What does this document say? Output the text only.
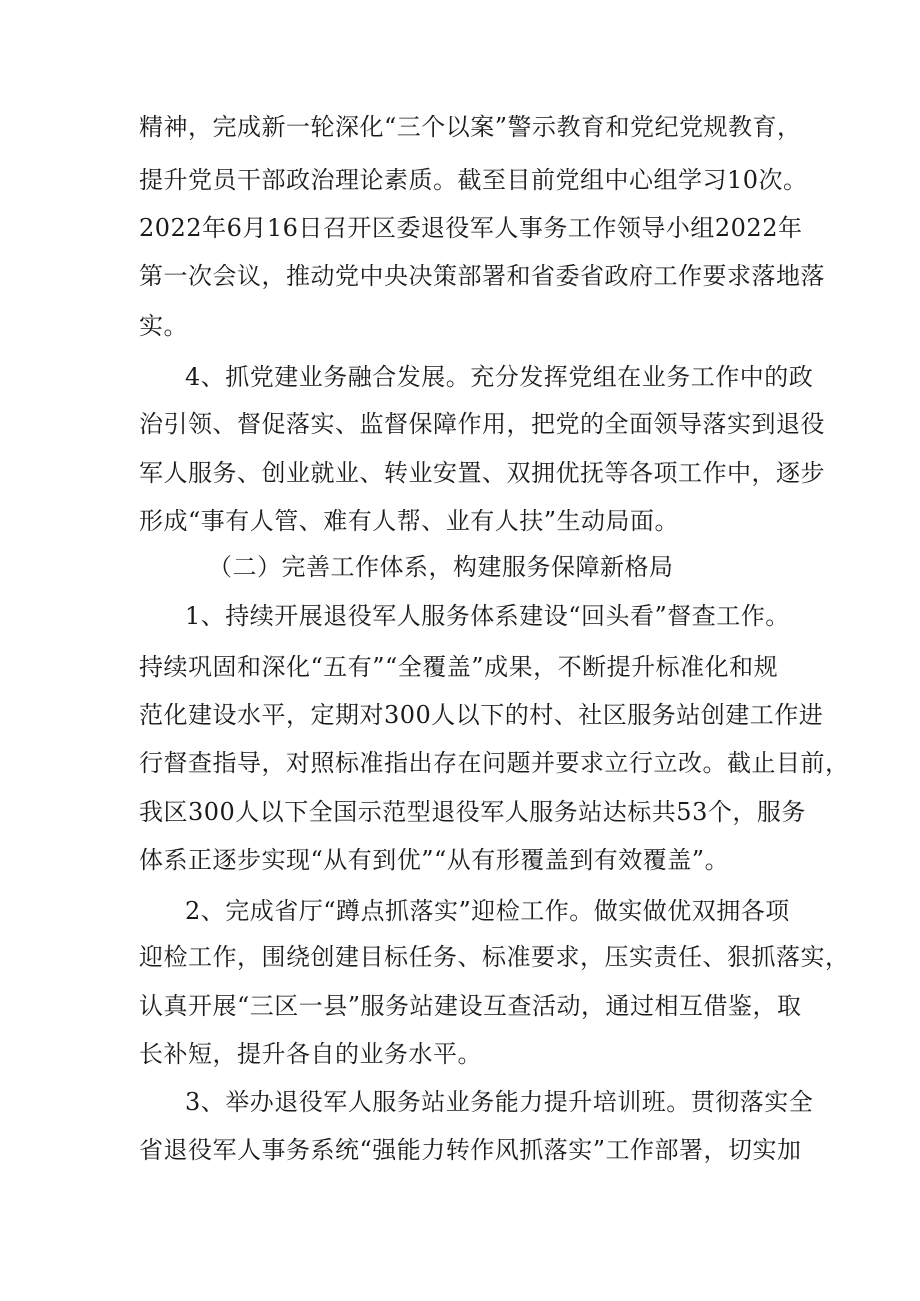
精神，完成新一轮深化“三个以案”警示教育和党纪党规教育，
提升党员干部政治理论素质。截至目前党组中心组学习10次。
2022年6月16日召开区委退役军人事务工作领导小组2022年
第一次会议，推动党中央决策部署和省委省政府工作要求落地落
实。
4、抓党建业务融合发展。充分发挥党组在业务工作中的政
治引领、督促落实、监督保障作用，把党的全面领导落实到退役
军人服务、创业就业、转业安置、双拥优抚等各项工作中，逐步
形成“事有人管、难有人帮、业有人扶”生动局面。
（二）完善工作体系，构建服务保障新格局
1、持续开展退役军人服务体系建设“回头看”督查工作。
持续巩固和深化“五有”“全覆盖”成果，不断提升标准化和规
范化建设水平，定期对300人以下的村、社区服务站创建工作进
行督查指导，对照标准指出存在问题并要求立行立改。截止目前，
我区300人以下全国示范型退役军人服务站达标共53个，服务
体系正逐步实现“从有到优”“从有形覆盖到有效覆盖”。
2、完成省厅“蹲点抓落实”迎检工作。做实做优双拥各项
迎检工作，围绕创建目标任务、标准要求，压实责任、狠抓落实，
认真开展“三区一县”服务站建设互查活动，通过相互借鉴，取
长补短，提升各自的业务水平。
3、举办退役军人服务站业务能力提升培训班。贯彻落实全
省退役军人事务系统“强能力转作风抓落实”工作部署，切实加
